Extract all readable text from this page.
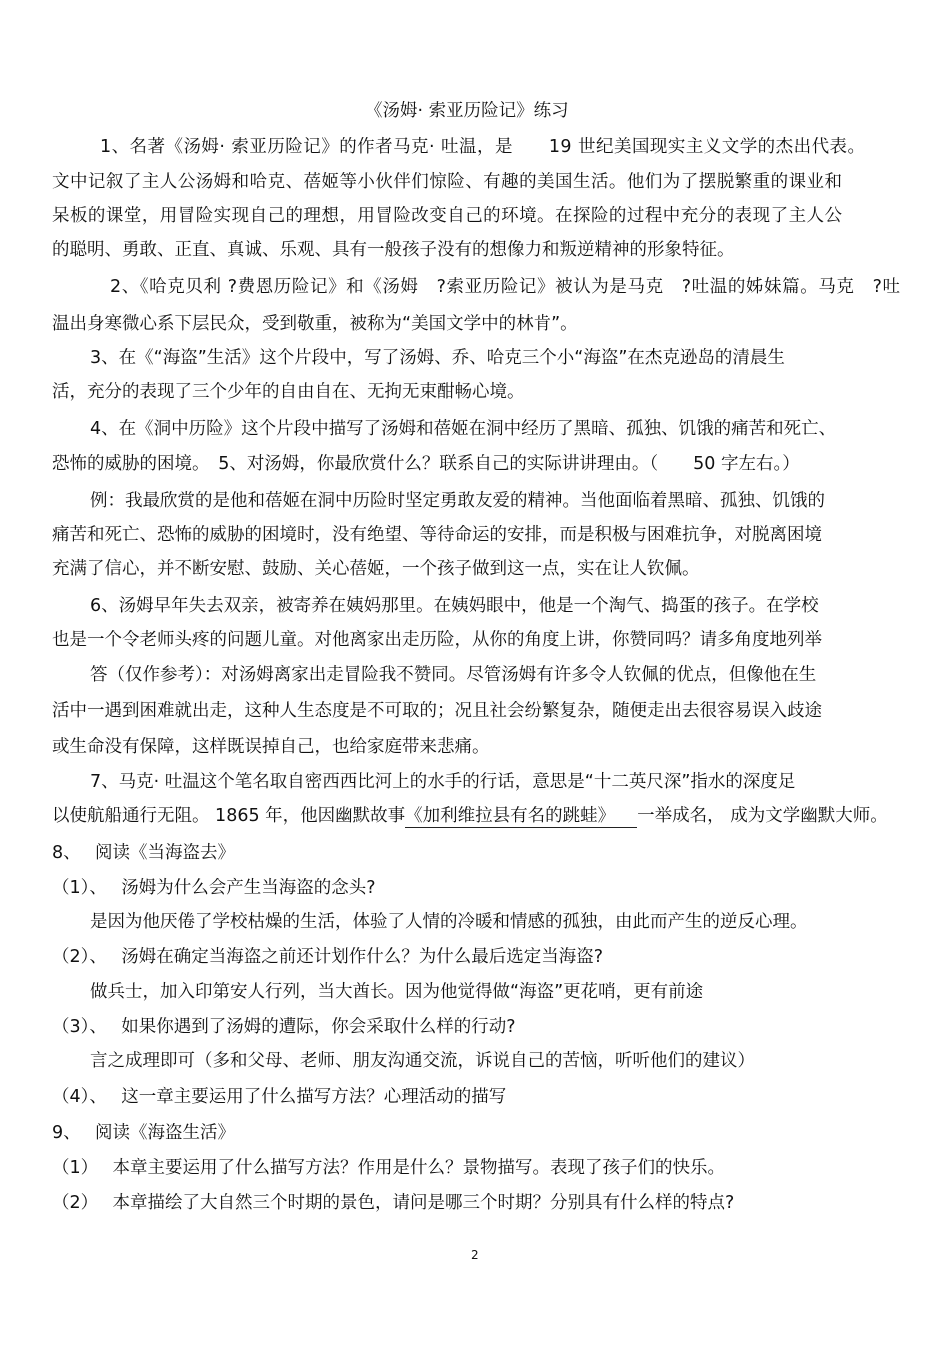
《汤姆· 索亚历险记》练习
1、名著《汤姆· 索亚历险记》的作者马克· 吐温，是　　19 世纪美国现实主义文学的杰出代表。
文中记叙了主人公汤姆和哈克、蓓姬等小伙伴们惊险、有趣的美国生活。他们为了摆脱繁重的课业和
呆板的课堂，用冒险实现自己的理想，用冒险改变自己的环境。在探险的过程中充分的表现了主人公
的聪明、勇敢、正直、真诚、乐观、具有一般孩子没有的想像力和叛逆精神的形象特征。
2、《哈克贝利 ?费恩历险记》和《汤姆　?索亚历险记》被认为是马克　?吐温的姊妹篇。马克　?吐
温出身寒微心系下层民众，受到敬重，被称为“美国文学中的林肯”。
3、在《“海盗”生活》这个片段中，写了汤姆、乔、哈克三个小“海盗”在杰克逊岛的清晨生
活，充分的表现了三个少年的自由自在、无拘无束酣畅心境。
4、在《洞中历险》这个片段中描写了汤姆和蓓姬在洞中经历了黑暗、孤独、饥饿的痛苦和死亡、
恐怖的威胁的困境。　5、对汤姆，你最欣赏什么？联系自己的实际讲讲理由。（　　50 字左右。）
例：我最欣赏的是他和蓓姬在洞中历险时坚定勇敢友爱的精神。当他面临着黑暗、孤独、饥饿的
痛苦和死亡、恐怖的威胁的困境时，没有绝望、等待命运的安排，而是积极与困难抗争，对脱离困境
充满了信心，并不断安慰、鼓励、关心蓓姬，一个孩子做到这一点，实在让人钦佩。
6、汤姆早年失去双亲，被寄养在姨妈那里。在姨妈眼中，他是一个淘气、捣蛋的孩子。在学校
也是一个令老师头疼的问题儿童。对他离家出走历险，从你的角度上讲，你赞同吗？请多角度地列举
答（仅作参考）：对汤姆离家出走冒险我不赞同。尽管汤姆有许多令人钦佩的优点，但像他在生
活中一遇到困难就出走，这种人生态度是不可取的；况且社会纷繁复杂，随便走出去很容易误入歧途
或生命没有保障，这样既误掉自己，也给家庭带来悲痛。
7、马克· 吐温这个笔名取自密西西比河上的水手的行话，意思是“十二英尺深”指水的深度足
以使航船通行无阻。 1865 年，他因幽默故事《加利维拉县有名的跳蛙》 一举成名， 成为文学幽默大师。
8、　 阅读《当海盗去》
（1）、　 汤姆为什么会产生当海盗的念头?
是因为他厌倦了学校枯燥的生活，体验了人情的冷暖和情感的孤独，由此而产生的逆反心理。
（2）、　 汤姆在确定当海盗之前还计划作什么？为什么最后选定当海盗?
做兵士，加入印第安人行列，当大酋长。因为他觉得做“海盗”更花哨，更有前途
（3）、　 如果你遇到了汤姆的遭际，你会采取什么样的行动?
言之成理即可（多和父母、老师、朋友沟通交流，诉说自己的苦恼，听听他们的建议）
（4）、　 这一章主要运用了什么描写方法？心理活动的描写
9、　 阅读《海盗生活》
（1）　 本章主要运用了什么描写方法？作用是什么？景物描写。表现了孩子们的快乐。
（2）　 本章描绘了大自然三个时期的景色，请问是哪三个时期？分别具有什么样的特点?
2
